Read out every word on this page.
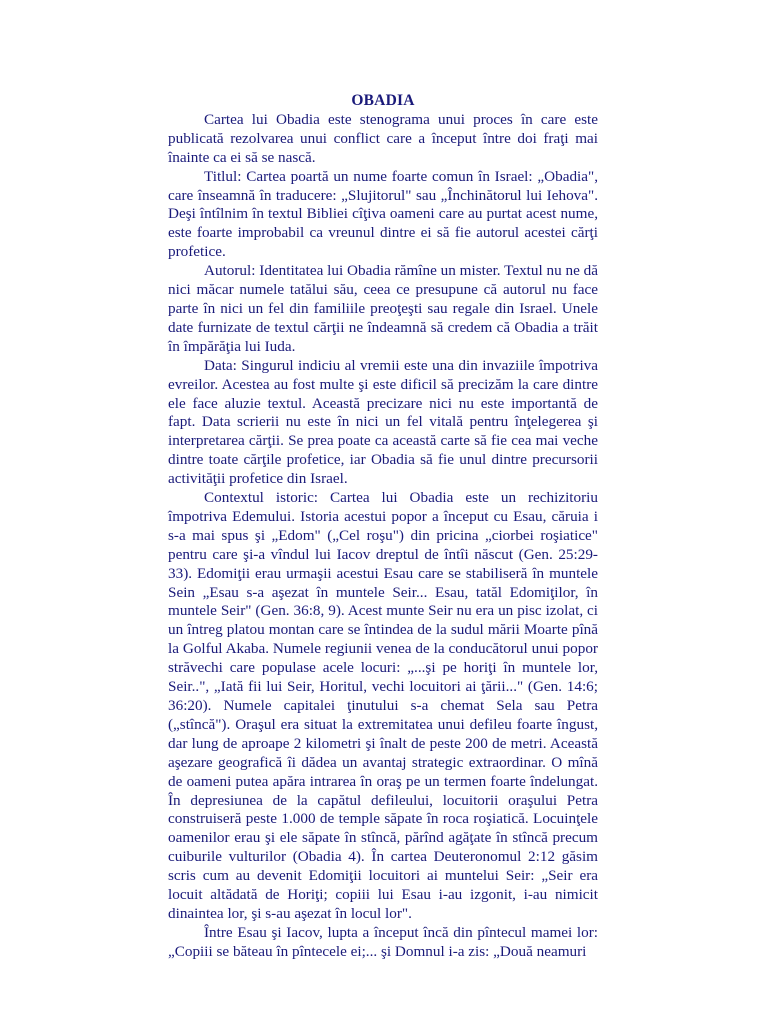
OBADIA

Cartea lui Obadia este stenograma unui proces în care este publicată rezolvarea unui conflict care a început între doi fraţi mai înainte ca ei să se nască.

Titlul: Cartea poartă un nume foarte comun în Israel: „Obadia", care înseamnă în traducere: „Slujitorul" sau „Închinătorul lui Iehova". Deşi întîlnim în textul Bibliei cîţiva oameni care au purtat acest nume, este foarte improbabil ca vreunul dintre ei să fie autorul acestei cărţi profetice.

Autorul: Identitatea lui Obadia rămîne un mister. Textul nu ne dă nici măcar numele tatălui său, ceea ce presupune că autorul nu face parte în nici un fel din familiile preoţeşti sau regale din Israel. Unele date furnizate de textul cărţii ne îndeamnă să credem că Obadia a trăit în împărăţia lui Iuda.

Data: Singurul indiciu al vremii este una din invaziile împotriva evreilor. Acestea au fost multe şi este dificil să precizăm la care dintre ele face aluzie textul. Această precizare nici nu este importantă de fapt. Data scrierii nu este în nici un fel vitală pentru înţelegerea şi interpretarea cărţii. Se prea poate ca această carte să fie cea mai veche dintre toate cărţile profetice, iar Obadia să fie unul dintre precursorii activităţii profetice din Israel.

Contextul istoric: Cartea lui Obadia este un rechizitoriu împotriva Edemului. Istoria acestui popor a început cu Esau, căruia i s-a mai spus şi „Edom" („Cel roşu") din pricina „ciorbei roşiatice" pentru care şi-a vîndul lui Iacov dreptul de întîi născut (Gen. 25:29-33). Edomiţii erau urmaşii acestui Esau care se stabiliseră în muntele Sein „Esau s-a aşezat în muntele Seir... Esau, tatăl Edomiţilor, în muntele Seir" (Gen. 36:8, 9). Acest munte Seir nu era un pisc izolat, ci un întreg platou montan care se întindea de la sudul mării Moarte pînă la Golful Akaba. Numele regiunii venea de la conducătorul unui popor străvechi care populase acele locuri: „...şi pe horiţi în muntele lor, Seir..", „Iată fii lui Seir, Horitul, vechi locuitori ai ţării..." (Gen. 14:6; 36:20). Numele capitalei ţinutului s-a chemat Sela sau Petra („stîncă"). Oraşul era situat la extremitatea unui defileu foarte îngust, dar lung de aproape 2 kilometri şi înalt de peste 200 de metri. Această aşezare geografică îi dădea un avantaj strategic extraordinar. O mînă de oameni putea apăra intrarea în oraş pe un termen foarte îndelungat. În depresiunea de la capătul defileului, locuitorii oraşului Petra construiseră peste 1.000 de temple săpate în roca roşiatică. Locuinţele oamenilor erau şi ele săpate în stîncă, părînd agăţate în stîncă precum cuiburile vulturilor (Obadia 4). În cartea Deuteronomul 2:12 găsim scris cum au devenit Edomiţii locuitori ai muntelui Seir: „Seir era locuit altădată de Horiţi; copiii lui Esau i-au izgonit, i-au nimicit dinaintea lor, şi s-au aşezat în locul lor".

Între Esau şi Iacov, lupta a început încă din pîntecul mamei lor: „Copiii se băteau în pîntecele ei;... şi Domnul i-a zis: „Două neamuri
